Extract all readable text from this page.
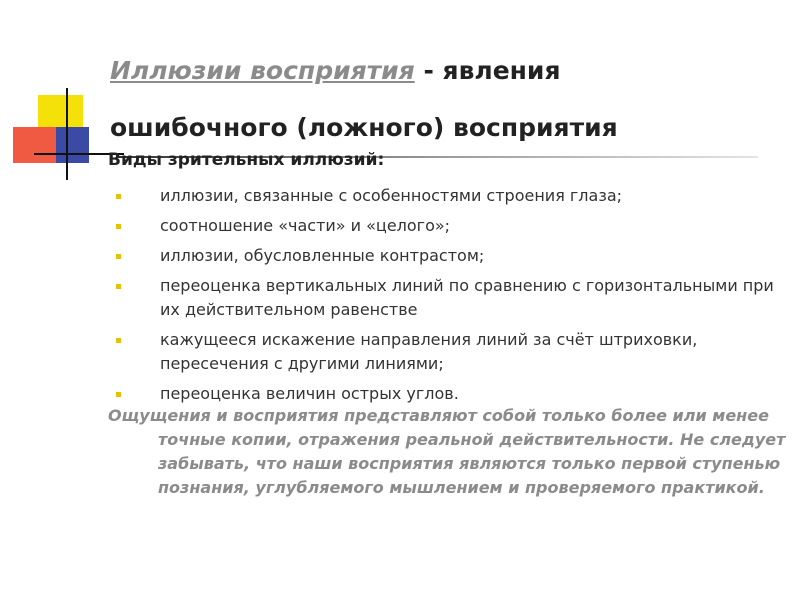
Иллюзии восприятия - явления
ошибочного (ложного) восприятия
Виды зрительных иллюзий:
иллюзии, связанные с особенностями строения глаза;
соотношение «части» и «целого»;
иллюзии, обусловленные контрастом;
переоценка вертикальных линий по сравнению с горизонтальными при их действительном равенстве
кажущееся искажение направления линий за счёт штриховки, пересечения с другими линиями;
переоценка величин острых углов.
Ощущения и восприятия представляют собой только более или менее точные копии, отражения реальной действительности. Не следует забывать, что наши восприятия являются только первой ступенью познания, углубляемого мышлением и проверяемого практикой.
